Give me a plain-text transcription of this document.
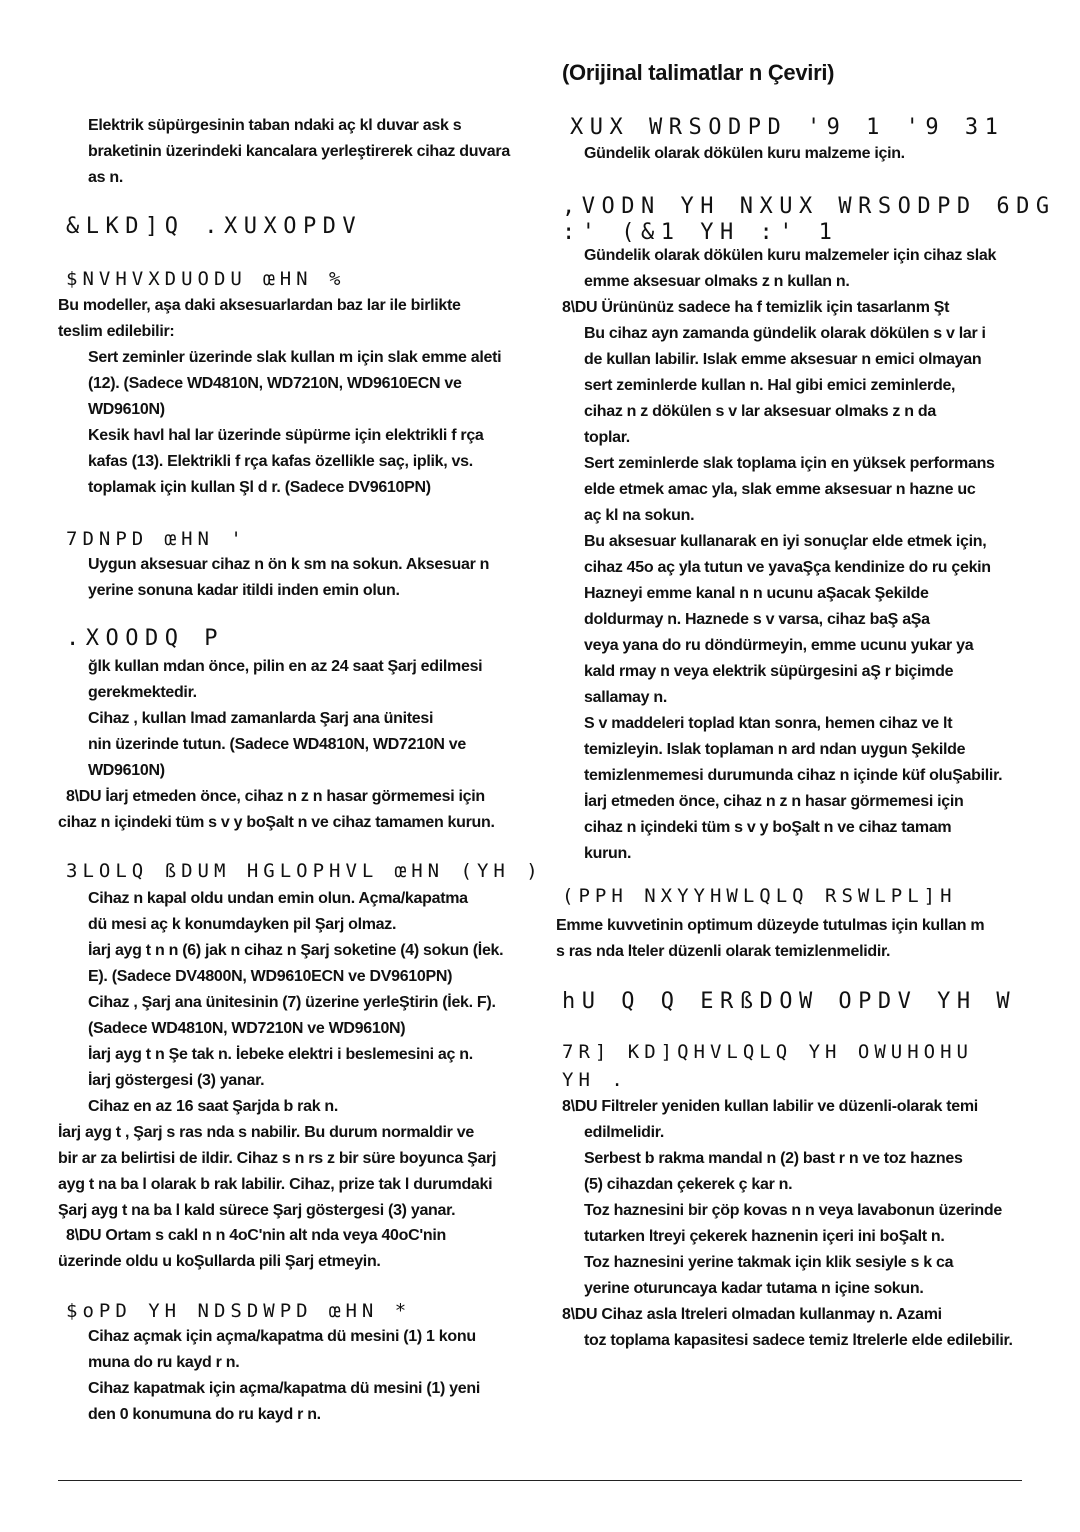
(Orijinal talimatlar n Çeviri)
Elektrik süpürgesinin taban ndaki aç kl duvar ask s
braketinin üzerindeki kancalara yerleştirerek cihaz duvara
as n.
&LKD]Q .XUXOPDV
$NVHVXDUODU œHN %
Bu modeller, aşa daki aksesuarlardan baz lar ile birlikte
teslim edilebilir:
Sert zeminler üzerinde slak kullan m için slak emme aleti
(12). (Sadece WD4810N, WD7210N, WD9610ECN ve
WD9610N)
Kesik havl hal lar üzerinde süpürme için elektrikli f rça
kafas (13). Elektrikli f rça kafas özellikle saç, iplik, vs.
toplamak için kullan Şl d r. (Sadece DV9610PN)
7DNPD œHN '
Uygun aksesuar cihaz n ön k sm na sokun. Aksesuar n
yerine sonuna kadar itildi inden emin olun.
.XOODQ P
ğlk kullan mdan önce, pilin en az 24 saat Şarj edilmesi
gerekmektedir.
Cihaz , kullan lmad zamanlarda Şarj ana ünitesi
nin üzerinde tutun. (Sadece WD4810N, WD7210N ve
WD9610N)
8\DU İarj etmeden önce, cihaz n z n hasar görmemesi için
cihaz n içindeki tüm s v y boŞalt n ve cihaz tamamen kurun.
3LOLQ ßDUM HGLOPHVL œHN (YH )
Cihaz n kapal oldu undan emin olun. Açma/kapatma
dü mesi aç k konumdayken pil Şarj olmaz.
İarj ayg t n n (6) jak n cihaz n Şarj soketine (4) sokun (İek.
E). (Sadece DV4800N, WD9610ECN ve DV9610PN)
Cihaz , Şarj ana ünitesinin (7) üzerine yerleŞtirin (İek. F).
(Sadece WD4810N, WD7210N ve WD9610N)
İarj ayg t n Şe tak n. İebeke elektri i beslemesini aç n.
İarj göstergesi (3) yanar.
Cihaz en az 16 saat Şarjda b rak n.
İarj ayg t , Şarj s ras nda s nabilir. Bu durum normaldir ve
bir ar za belirtisi de ildir. Cihaz s n rs z bir süre boyunca Şarj
ayg t na ba l olarak b rak labilir. Cihaz, prize tak l durumdaki
Şarj ayg t na ba l kald sürece Şarj göstergesi (3) yanar.
8\DU Ortam s cakl n n 4oC'nin alt nda veya 40oC'nin
üzerinde oldu u koŞullarda pili Şarj etmeyin.
$oPD YH NDSDWPD œHN *
Cihaz açmak için açma/kapatma dü mesini (1) 1 konu
muna do ru kayd r n.
Cihaz kapatmak için açma/kapatma dü mesini (1) yeni
den 0 konumuna do ru kayd r n.
XUX WRSODPD '9 1 '9 31
Gündelik olarak dökülen kuru malzeme için.
,VODN YH NXUX WRSODPD 6DG
:' (&1 YH :' 1
Gündelik olarak dökülen kuru malzemeler için cihaz slak
emme aksesuar olmaks z n kullan n.
8\DU Ürününüz sadece ha f temizlik için tasarlanm Şt
Bu cihaz ayn zamanda gündelik olarak dökülen s v lar i
de kullan labilir. Islak emme aksesuar n emici olmayan
sert zeminlerde kullan n. Hal gibi emici zeminlerde,
cihaz n z dökülen s v lar aksesuar olmaks z n da
toplar.
Sert zeminlerde slak toplama için en yüksek performans
elde etmek amac yla, slak emme aksesuar n hazne uc
aç kl na sokun.
Bu aksesuar kullanarak en iyi sonuçlar elde etmek için,
cihaz 45o aç yla tutun ve yavaŞça kendinize do ru çekin
Hazneyi emme kanal n n ucunu aŞacak Şekilde
doldurmay n. Haznede s v varsa, cihaz baŞ aŞa
veya yana do ru döndürmeyin, emme ucunu yukar ya
kald rmay n veya elektrik süpürgesini aŞ r biçimde
sallamay n.
S v maddeleri toplad ktan sonra, hemen cihaz ve lt
temizleyin. Islak toplaman n ard ndan uygun Şekilde
temizlenmemesi durumunda cihaz n içinde küf oluŞabilir.
İarj etmeden önce, cihaz n z n hasar görmemesi için
cihaz n içindeki tüm s v y boŞalt n ve cihaz tamam
kurun.
(PPH NXYYHWLQLQ RSWLPL]H
Emme kuvvetinin optimum düzeyde tutulmas için kullan m
s ras nda lteler düzenli olarak temizlenmelidir.
hU Q Q ERßDOW OPDV YH W
7R] KD]QHVLQLQ YH OWUHOHU
YH .
8\DU Filtreler yeniden kullan labilir ve düzenli-olarak temi
edilmelidir.
Serbest b rakma mandal n (2) bast r n ve toz haznes
(5) cihazdan çekerek ç kar n.
Toz haznesini bir çöp kovas n n veya lavabonun üzerinde
tutarken ltreyi çekerek haznenin içeri ini boŞalt n.
Toz haznesini yerine takmak için klik sesiyle s k ca
yerine oturuncaya kadar tutama n içine sokun.
8\DU Cihaz asla ltreleri olmadan kullanmay n. Azami
toz toplama kapasitesi sadece temiz ltrelerle elde edilebilir.
